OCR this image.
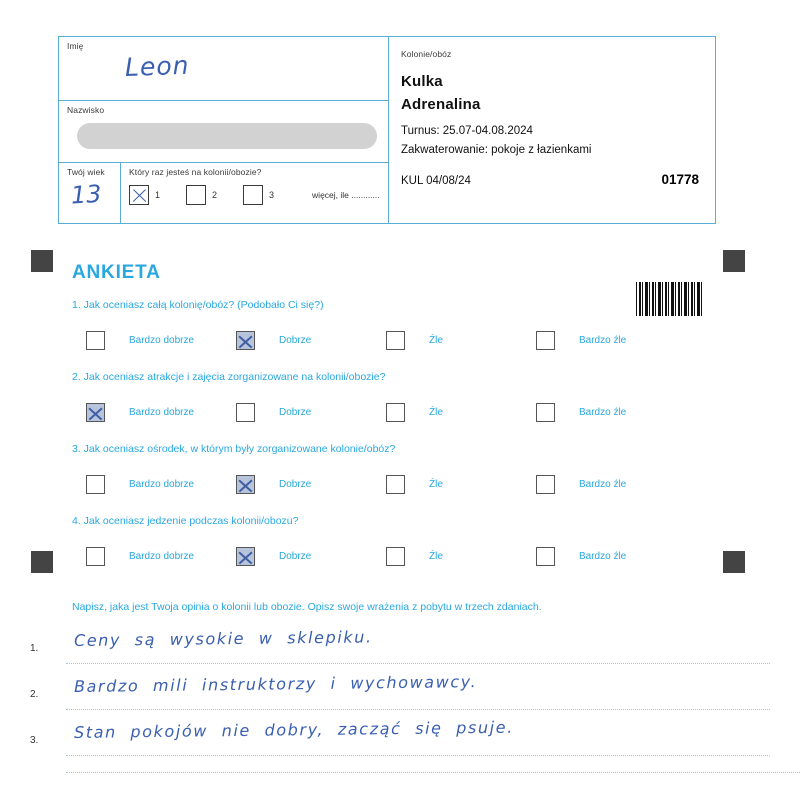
Imię
Leon
Nazwisko
Twój wiek
13
Który raz jesteś na kolonii/obozie?
1	2	3	więcej, ile ............
Kolonie/obóz
Kulka
Adrenalina
Turnus: 25.07-04.08.2024
Zakwaterowanie: pokoje z łazienkami
KUL 04/08/24	01778
ANKIETA
1. Jak oceniasz całą kolonię/obóz? (Podobało Ci się?)
Bardzo dobrze	Dobrze	Źle	Bardzo źle
2. Jak oceniasz atrakcje i zajęcia zorganizowane na kolonii/obozie?
Bardzo dobrze	Dobrze	Źle	Bardzo źle
3. Jak oceniasz ośrodek, w którym były zorganizowane kolonie/obóz?
Bardzo dobrze	Dobrze	Źle	Bardzo źle
4. Jak oceniasz jedzenie podczas kolonii/obozu?
Bardzo dobrze	Dobrze	Źle	Bardzo źle
Napisz, jaka jest Twoja opinia o kolonii lub obozie. Opisz swoje wrażenia z pobytu w trzech zdaniach.
1. Ceny są wysokie w sklepiku.
2. Bardzo mili instruktorzy i wychowawcy.
3. Stan pokojów nie dobry, zacząć się psuje.
